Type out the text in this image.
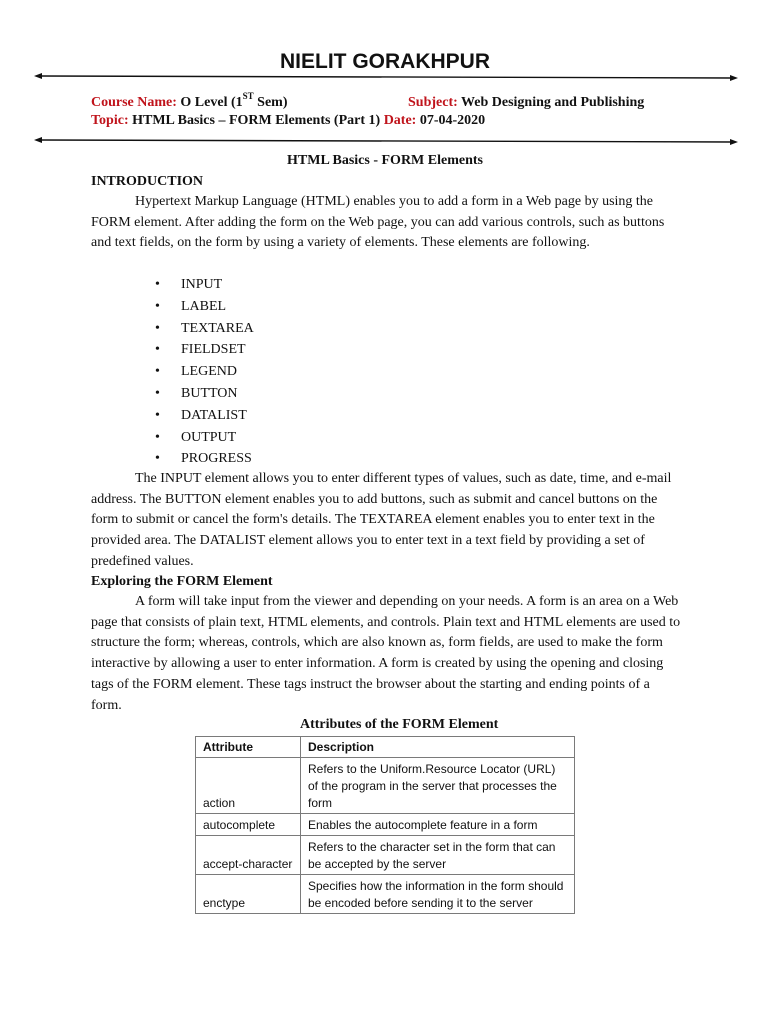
NIELIT GORAKHPUR
Course Name: O Level (1ST Sem)	Subject: Web Designing and Publishing
Topic: HTML Basics – FORM Elements (Part 1) Date: 07-04-2020
HTML Basics - FORM Elements
INTRODUCTION

Hypertext Markup Language (HTML) enables you to add a form in a Web page by using the FORM element. After adding the form on the Web page, you can add various controls, such as buttons and text fields, on the form by using a variety of elements. These elements are following.

• INPUT
• LABEL
• TEXTAREA
• FIELDSET
• LEGEND
• BUTTON
• DATALIST
• OUTPUT
• PROGRESS

The INPUT element allows you to enter different types of values, such as date, time, and e-mail address. The BUTTON element enables you to add buttons, such as submit and cancel buttons on the form to submit or cancel the form's details. The TEXTAREA element enables you to enter text in the provided area. The DATALIST element allows you to enter text in a text field by providing a set of predefined values.

Exploring the FORM Element

A form will take input from the viewer and depending on your needs. A form is an area on a Web page that consists of plain text, HTML elements, and controls. Plain text and HTML elements are used to structure the form; whereas, controls, which are also known as, form fields, are used to make the form interactive by allowing a user to enter information. A form is created by using the opening and closing tags of the FORM element. These tags instruct the browser about the starting and ending points of a form.

Attributes of the FORM Element
Attribute	Description
action	Refers to the Uniform.Resource Locator (URL) of the program in the server that processes the form
autocomplete	Enables the autocomplete feature in a form
accept-character	Refers to the character set in the form that can be accepted by the server
enctype	Specifies how the information in the form should be encoded before sending it to the server
